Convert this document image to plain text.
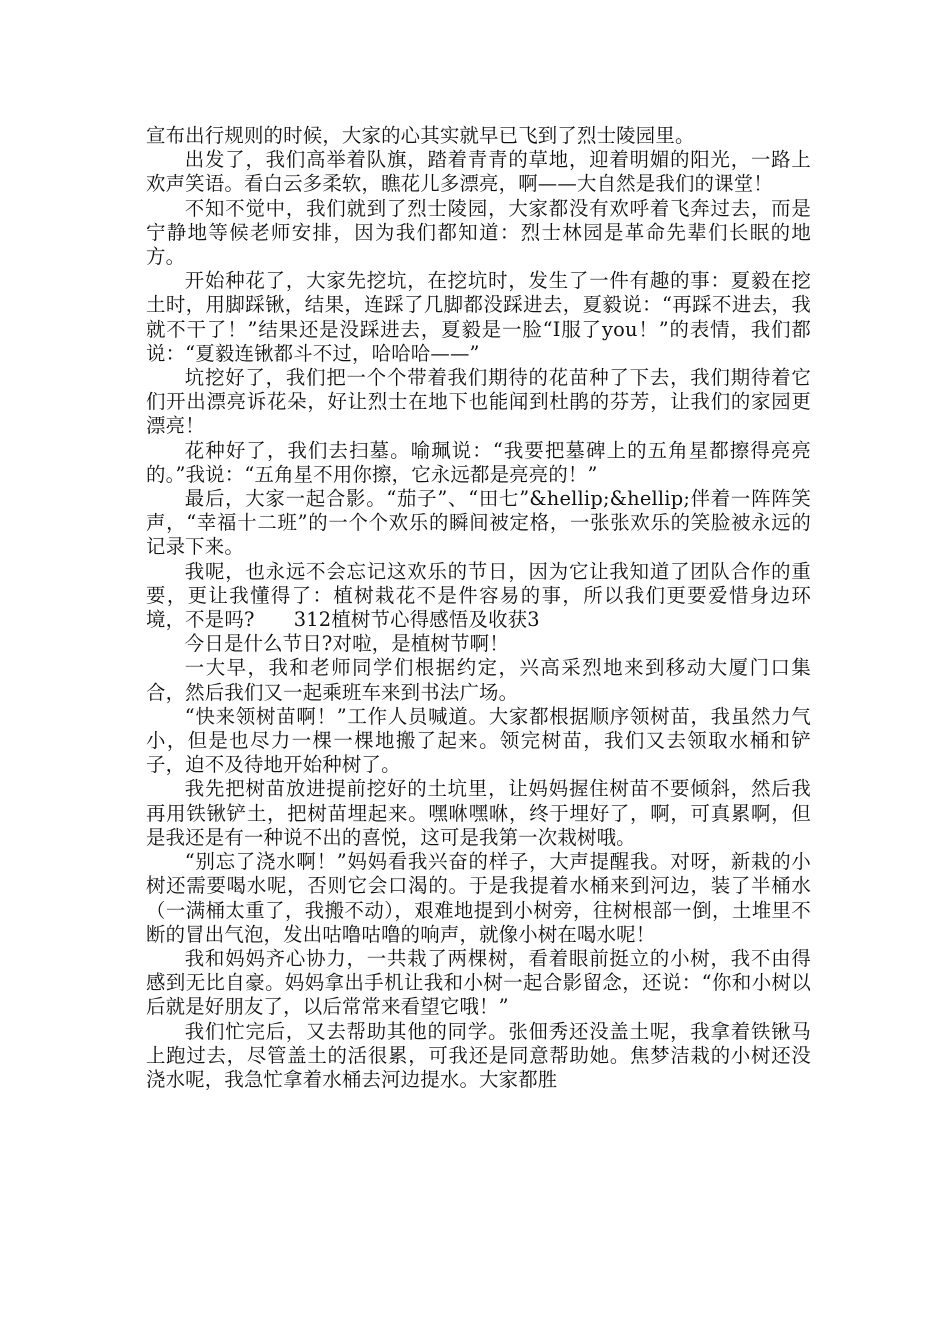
宣布出行规则的时候，大家的心其实就早已飞到了烈士陵园里。

出发了，我们高举着队旗，踏着青青的草地，迎着明媚的阳光，一路上欢声笑语。看白云多柔软，瞧花儿多漂亮，啊——大自然是我们的课堂！

不知不觉中，我们就到了烈士陵园，大家都没有欢呼着飞奔过去，而是宁静地等候老师安排，因为我们都知道：烈士林园是革命先辈们长眠的地方。

开始种花了，大家先挖坑，在挖坑时，发生了一件有趣的事：夏毅在挖土时，用脚踩锹，结果，连踩了几脚都没踩进去，夏毅说：“再踩不进去，我就不干了！”结果还是没踩进去，夏毅是一脸“I服了you！”的表情，我们都说：“夏毅连锹都斗不过，哈哈哈——”

坑挖好了，我们把一个个带着我们期待的花苗种了下去，我们期待着它们开出漂亮诉花朵，好让烈士在地下也能闻到杜鹃的芬芳，让我们的家园更漂亮！

花种好了，我们去扫墓。喻珮说：“我要把墓碑上的五角星都擦得亮亮的。”我说：“五角星不用你擦，它永远都是亮亮的！”

最后，大家一起合影。“茄子”、“田七”&hellip;&hellip;伴着一阵阵笑声，“幸福十二班”的一个个欢乐的瞬间被定格，一张张欢乐的笑脸被永远的记录下来。

我呢，也永远不会忘记这欢乐的节日，因为它让我知道了团队合作的重要，更让我懂得了：植树栽花不是件容易的事，所以我们更要爱惜身边环境，不是吗?　　312植树节心得感悟及收获3

今日是什么节日?对啦，是植树节啊！

一大早，我和老师同学们根据约定，兴高采烈地来到移动大厦门口集合，然后我们又一起乘班车来到书法广场。

“快来领树苗啊！”工作人员喊道。大家都根据顺序领树苗，我虽然力气小，但是也尽力一棵一棵地搬了起来。领完树苗，我们又去领取水桶和铲子，迫不及待地开始种树了。

我先把树苗放进提前挖好的土坑里，让妈妈握住树苗不要倾斜，然后我再用铁锹铲土，把树苗埋起来。嘿咻嘿咻，终于埋好了，啊，可真累啊，但是我还是有一种说不出的喜悦，这可是我第一次栽树哦。

“别忘了浇水啊！”妈妈看我兴奋的样子，大声提醒我。对呀，新栽的小树还需要喝水呢，否则它会口渴的。于是我提着水桶来到河边，装了半桶水（一满桶太重了，我搬不动），艰难地提到小树旁，往树根部一倒，土堆里不断的冒出气泡，发出咕噜咕噜的响声，就像小树在喝水呢！

我和妈妈齐心协力，一共栽了两棵树，看着眼前挺立的小树，我不由得感到无比自豪。妈妈拿出手机让我和小树一起合影留念，还说：“你和小树以后就是好朋友了，以后常常来看望它哦！”

我们忙完后，又去帮助其他的同学。张佃秀还没盖土呢，我拿着铁锹马上跑过去，尽管盖土的活很累，可我还是同意帮助她。焦梦洁栽的小树还没浇水呢，我急忙拿着水桶去河边提水。大家都胜
